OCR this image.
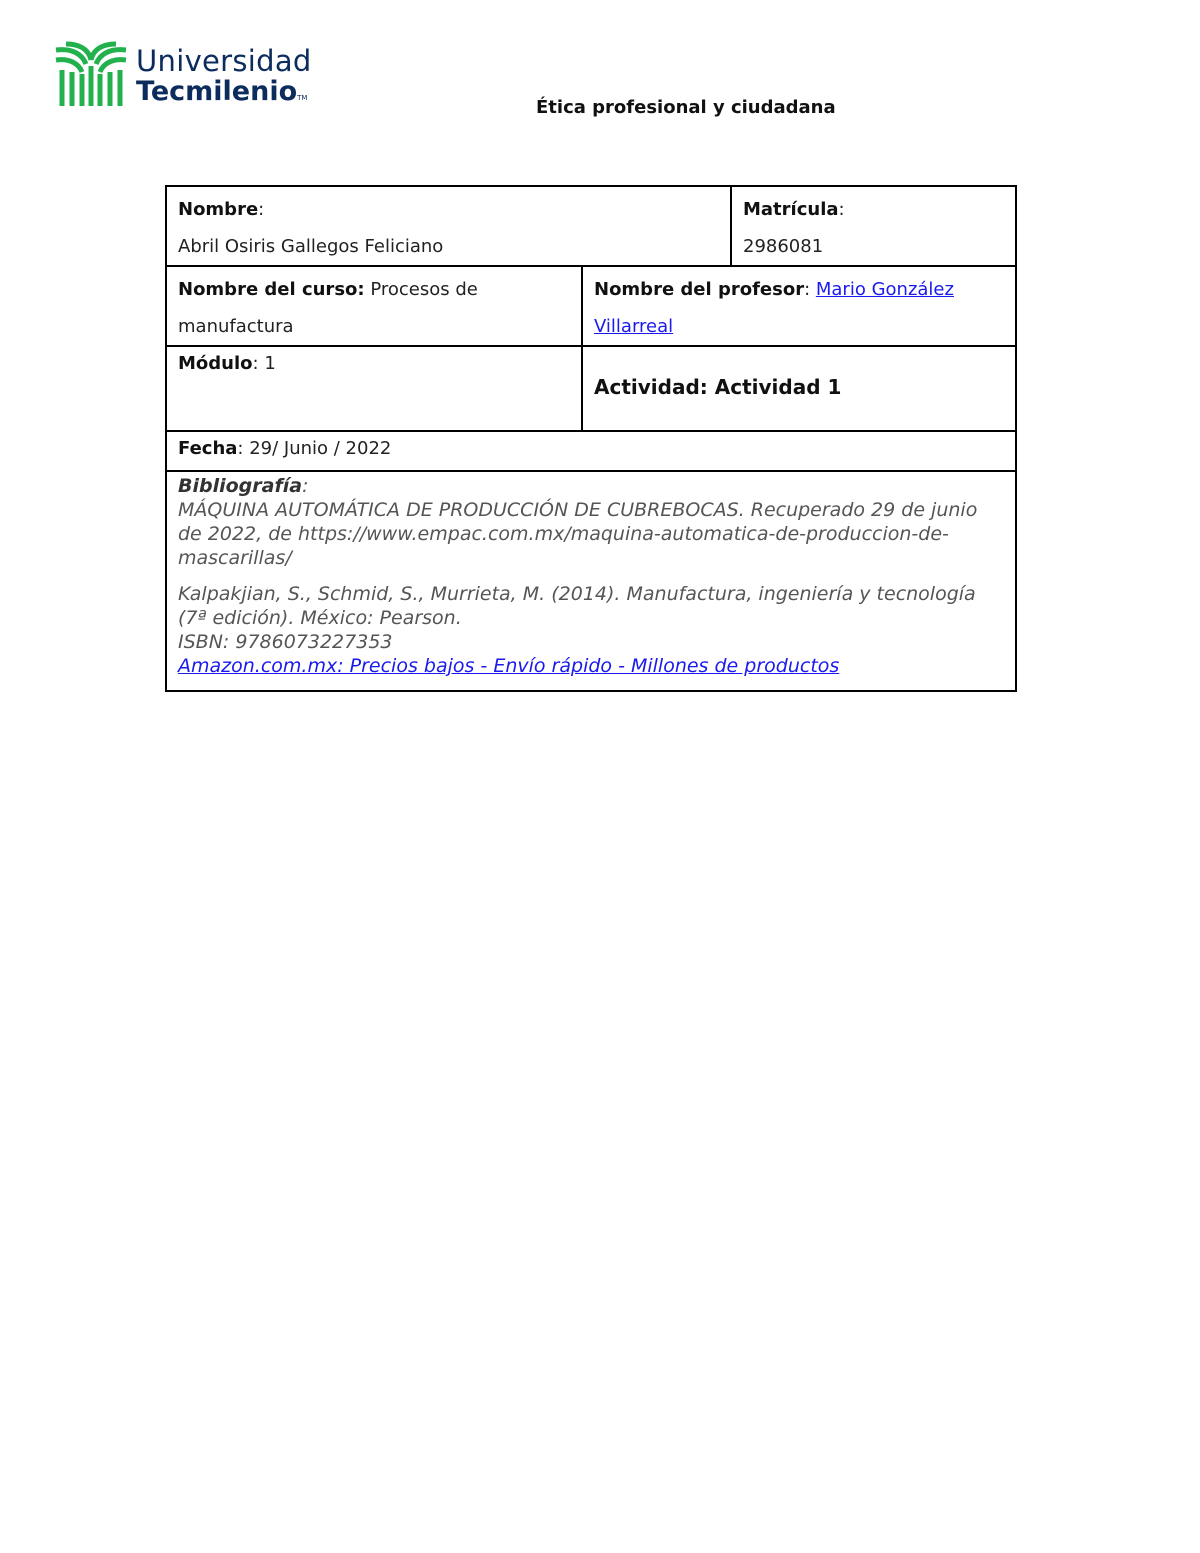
Universidad
TecmilenioTM	Ética profesional y ciudadana
Nombre:
Abril Osiris Gallegos Feliciano		Matrícula:
2986081

Nombre del curso: Procesos de manufactura	Nombre del profesor: Mario González Villarreal	

Módulo: 1	Actividad: Actividad 1	

Fecha: 29/ Junio / 2022		

Bibliografía:

MÁQUINA AUTOMÁTICA DE PRODUCCIÓN DE CUBREBOCAS. Recuperado 29 de junio de 2022, de https://www.empac.com.mx/maquina-automatica-de-produccion-de-mascarillas/

Kalpakjian, S., Schmid, S., Murrieta, M. (2014). Manufactura, ingeniería y tecnología (7ª edición). México: Pearson.

ISBN: 9786073227353

Amazon.com.mx: Precios bajos - Envío rápido - Millones de productos		
